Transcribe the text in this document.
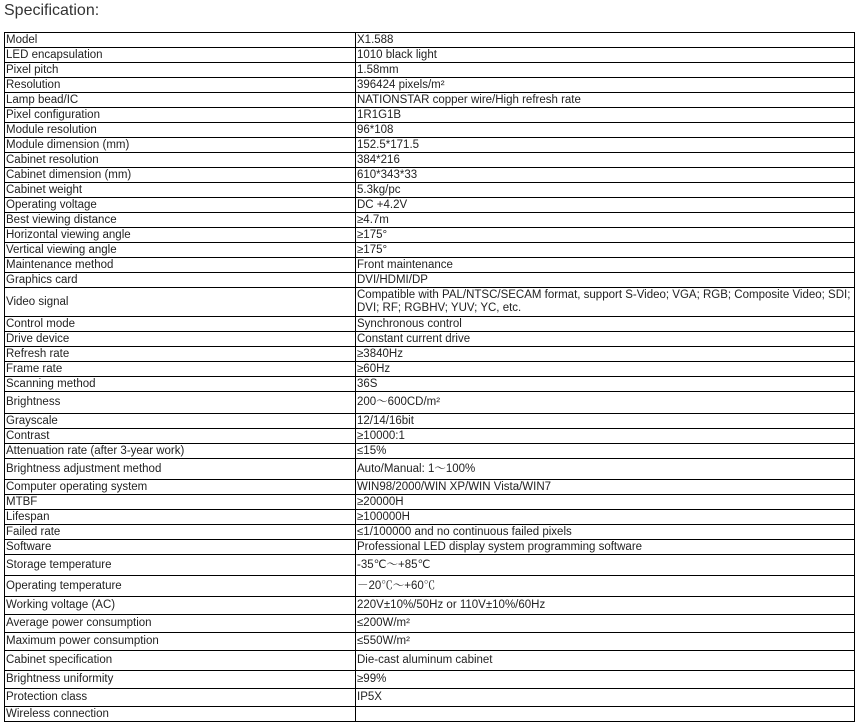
Specification:
Model	X1.588
LED encapsulation	1010 black light
Pixel pitch	1.58mm
Resolution	396424 pixels/m²
Lamp bead/IC	NATIONSTAR copper wire/High refresh rate
Pixel configuration	1R1G1B
Module resolution	96*108
Module dimension (mm)	152.5*171.5
Cabinet resolution	384*216
Cabinet dimension (mm)	610*343*33
Cabinet weight	5.3kg/pc
Operating voltage	DC +4.2V
Best viewing distance	≥4.7m
Horizontal viewing angle	≥175°
Vertical viewing angle	≥175°
Maintenance method	Front maintenance
Graphics card	DVI/HDMI/DP
Video signal	Compatible with PAL/NTSC/SECAM format, support S-Video; VGA; RGB; Composite Video; SDI; DVI; RF; RGBHV; YUV; YC, etc.
Control mode	Synchronous control
Drive device	Constant current drive
Refresh rate	≥3840Hz
Frame rate	≥60Hz
Scanning method	36S
Brightness	200～600CD/m²
Grayscale	12/14/16bit
Contrast	≥10000:1
Attenuation rate (after 3-year work)	≤15%
Brightness adjustment method	Auto/Manual: 1～100%
Computer operating system	WIN98/2000/WIN XP/WIN Vista/WIN7
MTBF	≥20000H
Lifespan	≥100000H
Failed rate	≤1/100000 and no continuous failed pixels
Software	Professional LED display system programming software
Storage temperature	-35℃～+85℃
Operating temperature	－20℃～+60℃
Working voltage (AC)	220V±10%/50Hz or 110V±10%/60Hz
Average power consumption	≤200W/m²
Maximum power consumption	≤550W/m²
Cabinet specification	Die-cast aluminum cabinet
Brightness uniformity	≥99%
Protection class	IP5X
Wireless connection	
